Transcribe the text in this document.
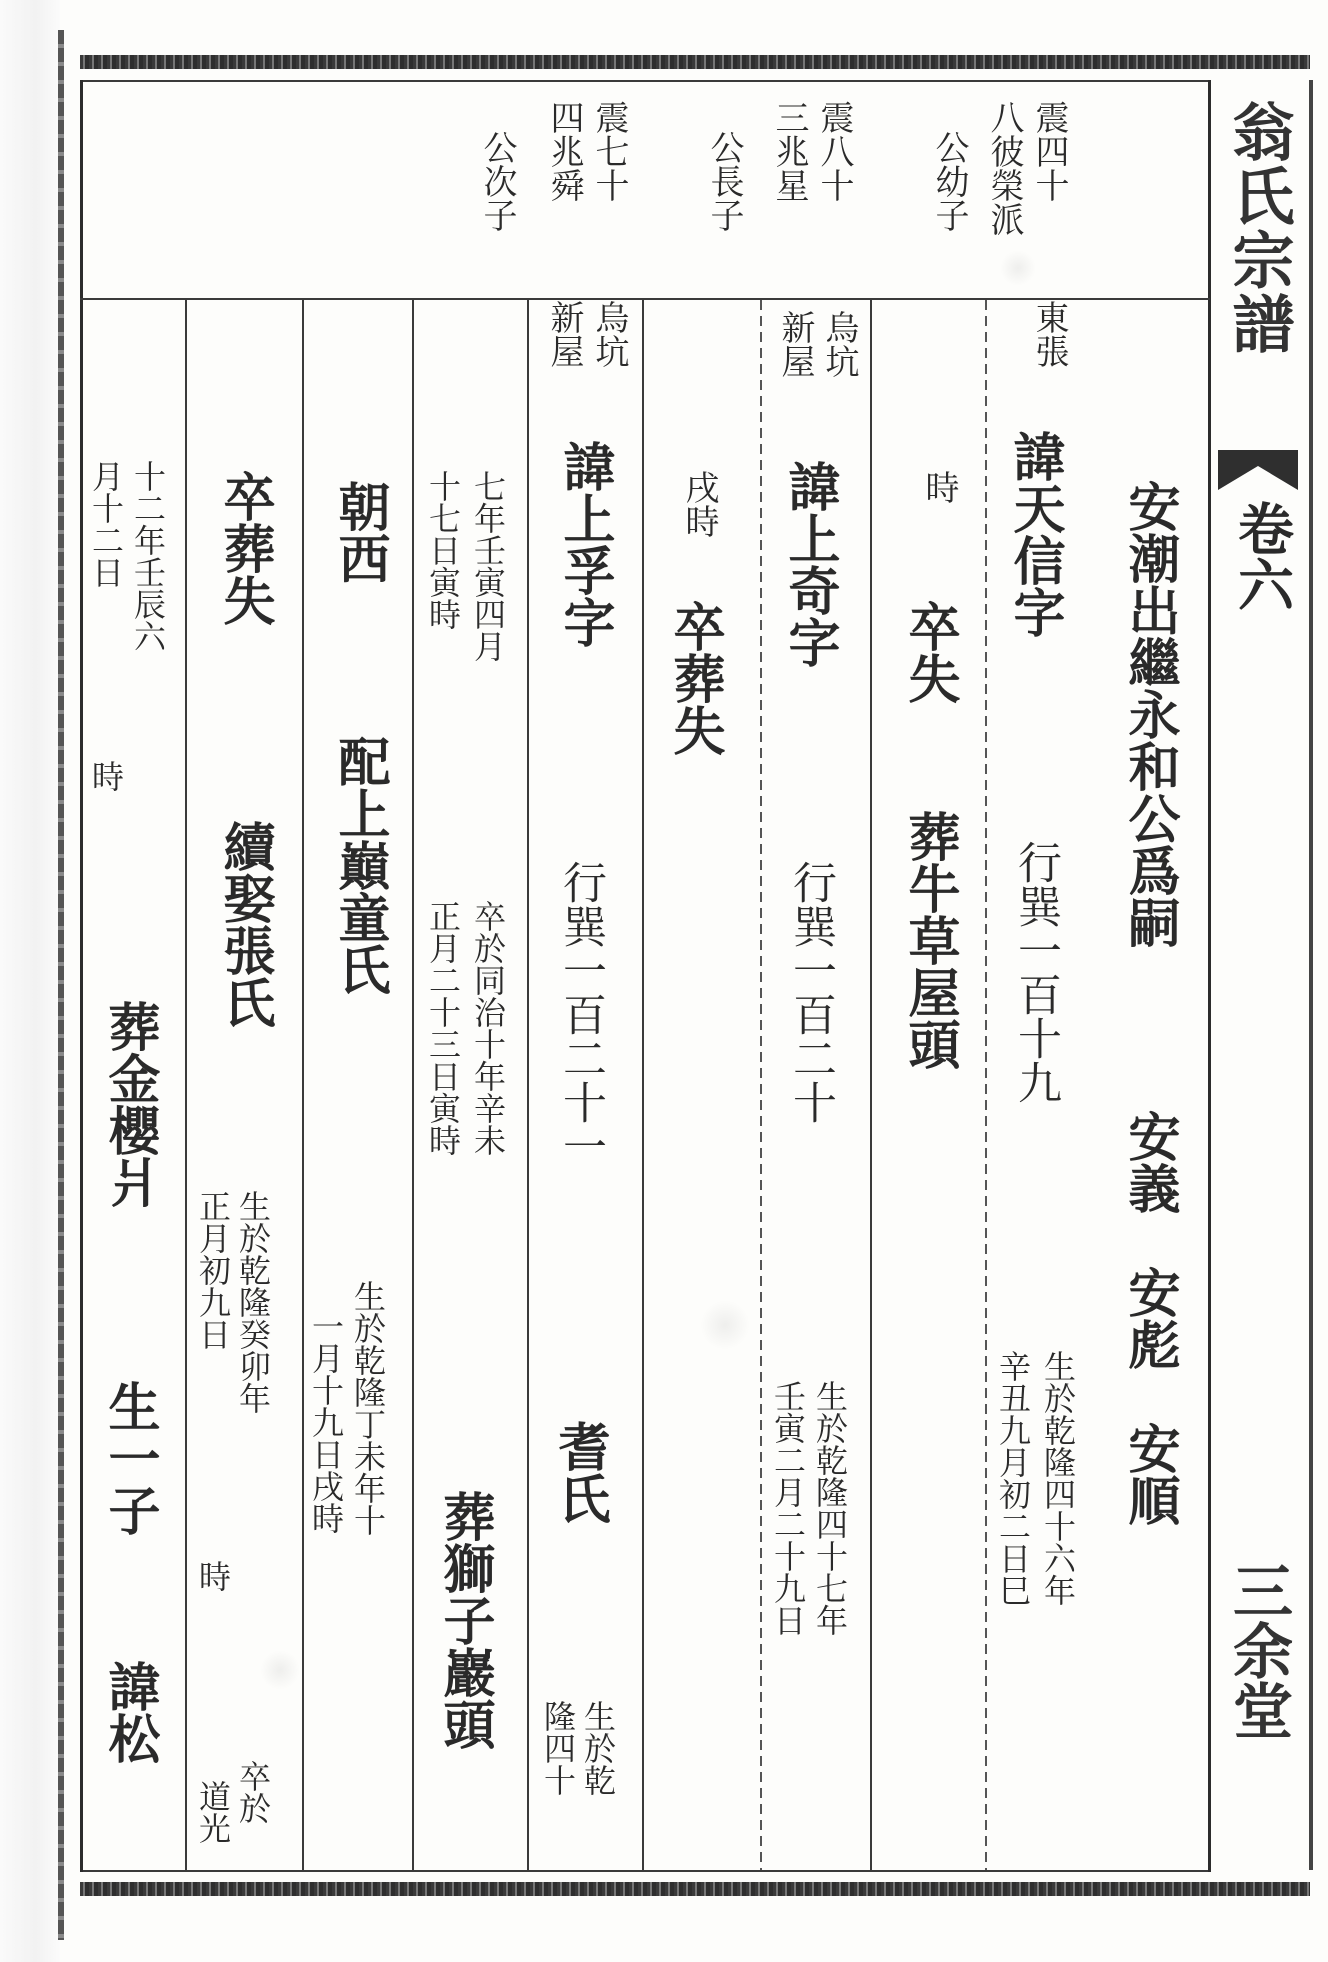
翁氏宗譜
卷六
三余堂
震四十
八彼榮派
公幼子
震八十
三兆星
公長子
震七十
四兆舜
公次子
安潮出繼永和公爲嗣
安義　安彪　安順
東張
諱天信字
行巽一百十九
生於乾隆四十六年
辛丑九月初二日巳
時
卒失
葬牛草屋頭
烏坑
新屋
諱上奇字
行巽一百二十
生於乾隆四十七年
壬寅二月二十九日
戌時
卒葬失
烏坑
新屋
諱上孚字
行巽一百二十一
耆氏
生於乾
隆四十
七年壬寅四月
十七日寅時
卒於同治十年辛未
正月二十三日寅時
葬獅子巖頭
朝西
配上巔童氏
生於乾隆丁未年十
一月十九日戌時
卒葬失
續娶張氏
生於乾隆癸卯年
正月初九日
時
卒於
道光
十二年壬辰六
月十二日
時
葬金櫻爿
生一子
諱松
